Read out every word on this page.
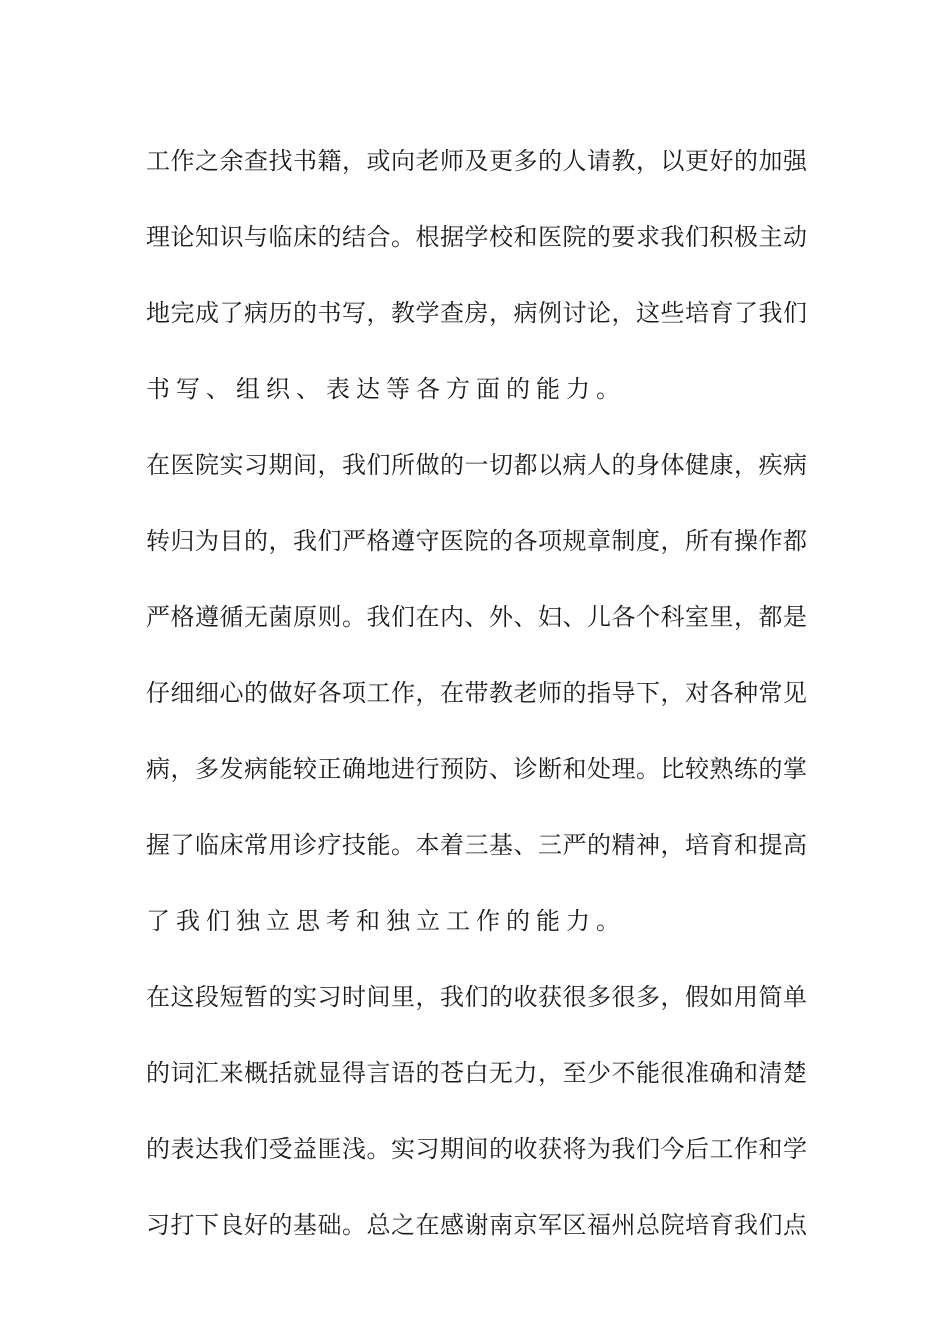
工作之余查找书籍，或向老师及更多的人请教，以更好的加强
理论知识与临床的结合。根据学校和医院的要求我们积极主动
地完成了病历的书写，教学查房，病例讨论，这些培育了我们
书写、组织、表达等各方面的能力。
在医院实习期间，我们所做的一切都以病人的身体健康，疾病
转归为目的，我们严格遵守医院的各项规章制度，所有操作都
严格遵循无菌原则。我们在内、外、妇、儿各个科室里，都是
仔细细心的做好各项工作，在带教老师的指导下，对各种常见
病，多发病能较正确地进行预防、诊断和处理。比较熟练的掌
握了临床常用诊疗技能。本着三基、三严的精神，培育和提高
了我们独立思考和独立工作的能力。
在这段短暂的实习时间里，我们的收获很多很多，假如用简单
的词汇来概括就显得言语的苍白无力，至少不能很准确和清楚
的表达我们受益匪浅。实习期间的收获将为我们今后工作和学
习打下良好的基础。总之在感谢南京军区福州总院培育我们点
